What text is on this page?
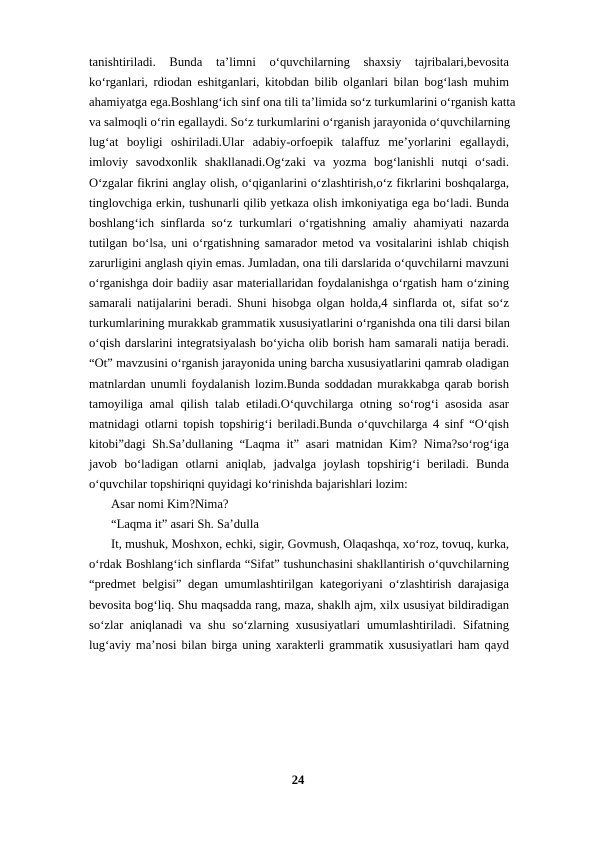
tanishtiriladi. Bunda ta’limni o‘quvchilarning shaxsiy tajribalari,bevosita
ko‘rganlari, rdiodan eshitganlari, kitobdan bilib olganlari bilan bog‘lash muhim
ahamiyatga ega.Boshlang‘ich sinf ona tili ta’limida so‘z turkumlarini o‘rganish katta
va salmoqli o‘rin egallaydi. So‘z turkumlarini o‘rganish jarayonida o‘quvchilarning
lug‘at boyligi oshiriladi.Ular adabiy-orfoepik talaffuz me’yorlarini egallaydi,
imloviy savodxonlik shakllanadi.Og‘zaki va yozma bog‘lanishli nutqi o‘sadi.
O‘zgalar fikrini anglay olish, o‘qiganlarini o‘zlashtirish,o‘z fikrlarini boshqalarga,
tinglovchiga erkin, tushunarli qilib yetkaza olish imkoniyatiga ega bo‘ladi. Bunda
boshlang‘ich sinflarda so‘z turkumlari o‘rgatishning amaliy ahamiyati nazarda
tutilgan bo‘lsa, uni o‘rgatishning samarador metod va vositalarini ishlab chiqish
zarurligini anglash qiyin emas. Jumladan, ona tili darslarida o‘quvchilarni mavzuni
o‘rganishga doir badiiy asar materiallaridan foydalanishga o‘rgatish ham o‘zining
samarali natijalarini beradi. Shuni hisobga olgan holda,4 sinflarda ot, sifat so‘z
turkumlarining murakkab grammatik xususiyatlarini o‘rganishda ona tili darsi bilan
o‘qish darslarini integratsiyalash bo‘yicha olib borish ham samarali natija beradi.
“Ot” mavzusini o‘rganish jarayonida uning barcha xususiyatlarini qamrab oladigan
matnlardan unumli foydalanish lozim.Bunda soddadan murakkabga qarab borish
tamoyiliga amal qilish talab etiladi.O‘quvchilarga otning so‘rog‘i asosida asar
matnidagi otlarni topish topshirig‘i beriladi.Bunda o‘quvchilarga 4 sinf “O‘qish
kitobi”dagi Sh.Sa’dullaning “Laqma it” asari matnidan Kim? Nima?so‘rog‘iga
javob bo‘ladigan otlarni aniqlab, jadvalga joylash topshirig‘i beriladi. Bunda
o‘quvchilar topshiriqni quyidagi ko‘rinishda bajarishlari lozim:
Asar nomi Kim?Nima?
“Laqma it” asari Sh. Sa’dulla
It, mushuk, Moshxon, echki, sigir, Govmush, Olaqashqa, xo‘roz, tovuq, kurka,
o‘rdak Boshlang‘ich sinflarda “Sifat” tushunchasini shakllantirish o‘quvchilarning
“predmet belgisi” degan umumlashtirilgan kategoriyani o‘zlashtirish darajasiga
bevosita bog‘liq. Shu maqsadda rang, maza, shaklh ajm, xilx ususiyat bildiradigan
so‘zlar aniqlanadi va shu so‘zlarning xususiyatlari umumlashtiriladi. Sifatning
lug‘aviy ma’nosi bilan birga uning xarakterli grammatik xususiyatlari ham qayd
24
